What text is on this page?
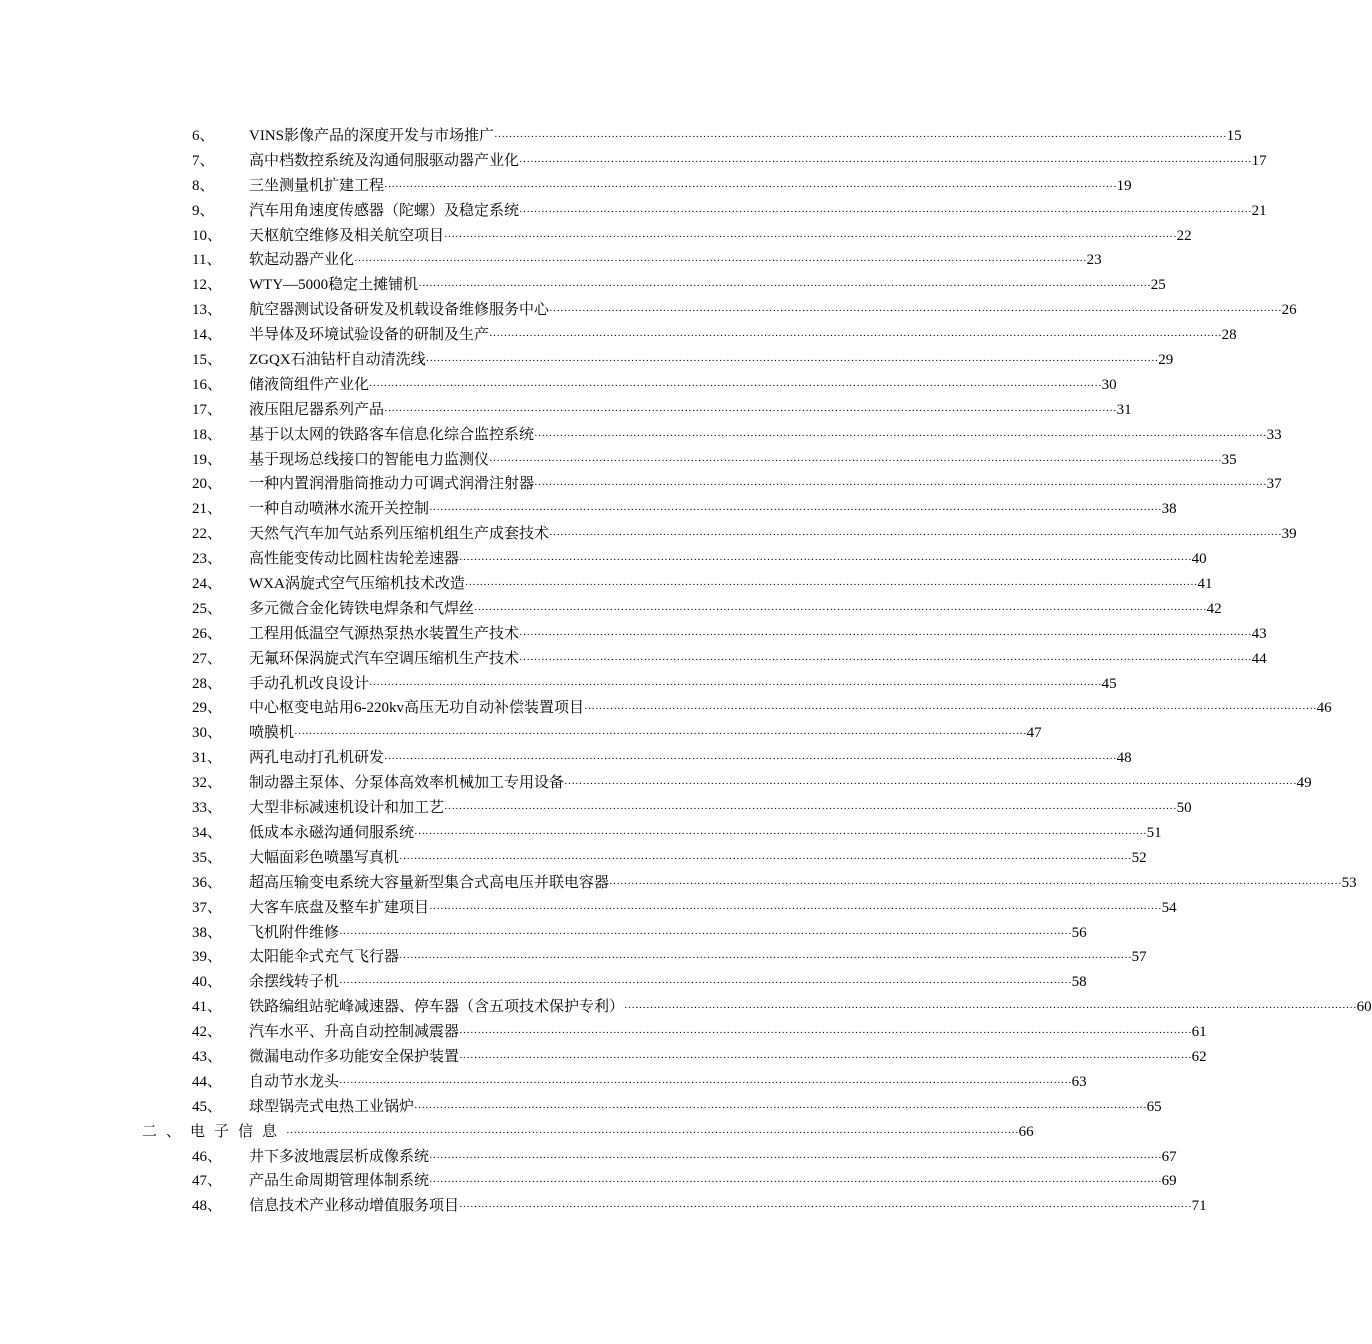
6、 VINS影像产品的深度开发与市场推广 ········································································································································································································ 15
7、 高中档数控系统及沟通伺服驱动器产业化 ········································································································································································································ 17
8、 三坐测量机扩建工程 ········································································································································································································ 19
9、 汽车用角速度传感器（陀螺）及稳定系统 ········································································································································································································ 21
10、 天枢航空维修及相关航空项目 ········································································································································································································ 22
11、 软起动器产业化 ········································································································································································································ 23
12、 WTY—5000稳定土摊铺机 ········································································································································································································ 25
13、 航空器测试设备研发及机载设备维修服务中心 ········································································································································································································ 26
14、 半导体及环境试验设备的研制及生产 ········································································································································································································ 28
15、 ZGQX石油钻杆自动清洗线 ········································································································································································································ 29
16、 储液筒组件产业化 ········································································································································································································ 30
17、 液压阻尼器系列产品 ········································································································································································································ 31
18、 基于以太网的铁路客车信息化综合监控系统 ········································································································································································································ 33
19、 基于现场总线接口的智能电力监测仪 ········································································································································································································ 35
20、 一种内置润滑脂筒推动力可调式润滑注射器 ········································································································································································································ 37
21、 一种自动喷淋水流开关控制 ········································································································································································································ 38
22、 天然气汽车加气站系列压缩机组生产成套技术 ········································································································································································································ 39
23、 高性能变传动比圆柱齿轮差速器 ········································································································································································································ 40
24、 WXA涡旋式空气压缩机技术改造 ········································································································································································································ 41
25、 多元微合金化铸铁电焊条和气焊丝 ········································································································································································································ 42
26、 工程用低温空气源热泵热水装置生产技术 ········································································································································································································ 43
27、 无氟环保涡旋式汽车空调压缩机生产技术 ········································································································································································································ 44
28、 手动孔机改良设计 ········································································································································································································ 45
29、 中心枢变电站用6-220kv高压无功自动补偿装置项目 ········································································································································································································ 46
30、 喷膜机 ········································································································································································································ 47
31、 两孔电动打孔机研发 ········································································································································································································ 48
32、 制动器主泵体、分泵体高效率机械加工专用设备 ········································································································································································································ 49
33、 大型非标减速机设计和加工艺 ········································································································································································································ 50
34、 低成本永磁沟通伺服系统 ········································································································································································································ 51
35、 大幅面彩色喷墨写真机 ········································································································································································································ 52
36、 超高压输变电系统大容量新型集合式高电压并联电容器 ········································································································································································································ 53
37、 大客车底盘及整车扩建项目 ········································································································································································································ 54
38、 飞机附件维修 ········································································································································································································ 56
39、 太阳能伞式充气飞行器 ········································································································································································································ 57
40、 余摆线转子机 ········································································································································································································ 58
41、 铁路编组站驼峰减速器、停车器（含五项技术保护专利） ········································································································································································································ 60
42、 汽车水平、升高自动控制减震器 ········································································································································································································ 61
43、 微漏电动作多功能安全保护装置 ········································································································································································································ 62
44、 自动节水龙头 ········································································································································································································ 63
45、 球型锅壳式电热工业锅炉 ········································································································································································································ 65
二、电子信息 ········································································································································································································ 66
46、 井下多波地震层析成像系统 ········································································································································································································ 67
47、 产品生命周期管理体制系统 ········································································································································································································ 69
48、 信息技术产业移动增值服务项目 ········································································································································································································ 71
